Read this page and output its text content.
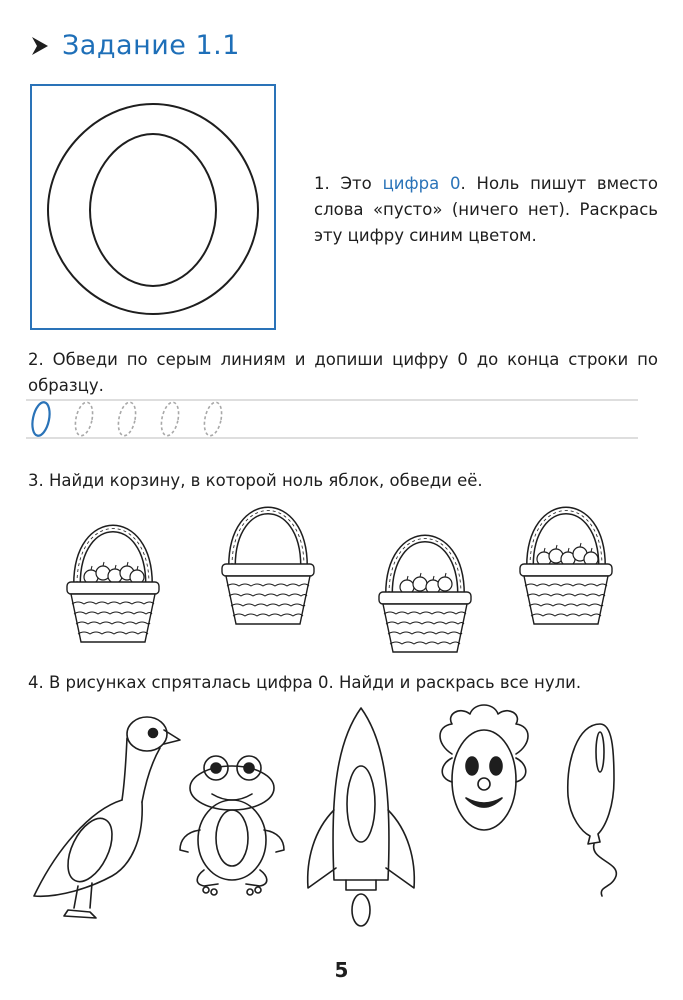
Задание 1.1
1. Это цифра 0. Ноль пишут вместо слова «пусто» (ничего нет). Раскрась эту цифру синим цветом.
2. Обведи по серым линиям и допиши цифру 0 до конца строки по образцу.
3. Найди корзину, в которой ноль яблок, обведи её.
4. В рисунках спряталась цифра 0. Найди и раскрась все нули.
5
